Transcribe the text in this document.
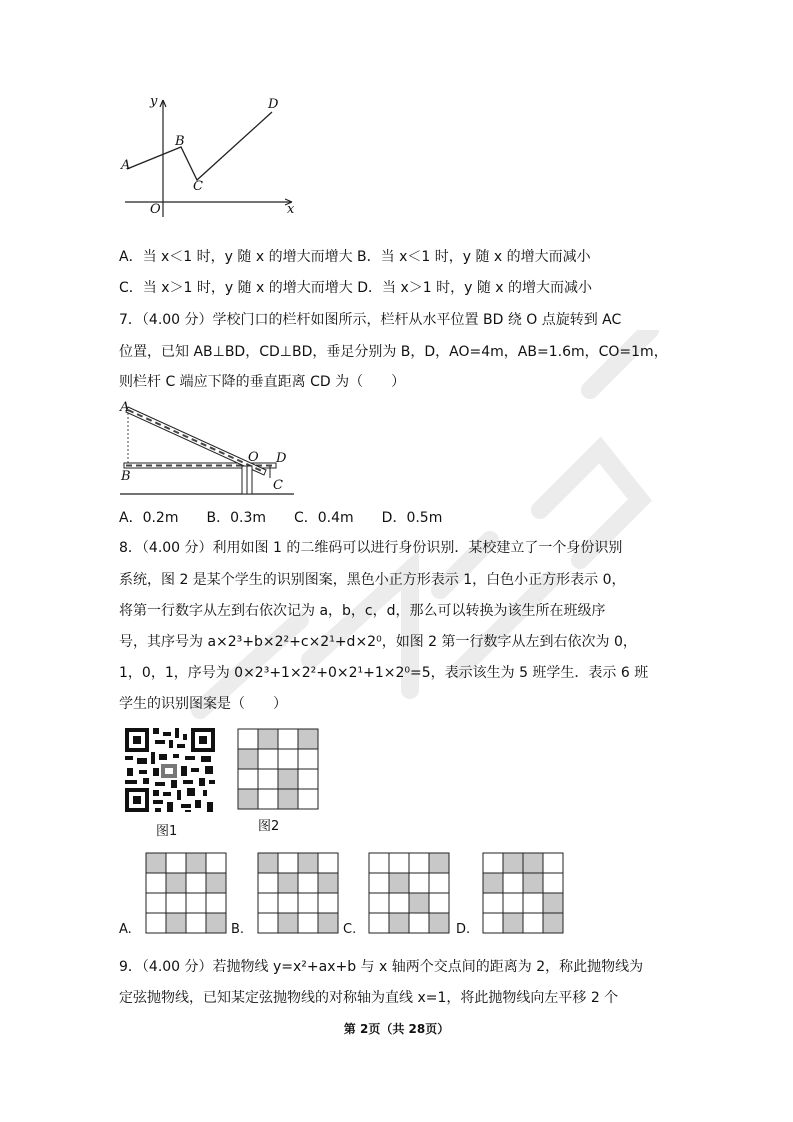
y
x
O
A
B
C
D
A．当 x＜1 时，y 随 x 的增大而增大 B．当 x＜1 时，y 随 x 的增大而减小
C．当 x＞1 时，y 随 x 的增大而增大 D．当 x＞1 时，y 随 x 的增大而减小
7．（4.00 分）学校门口的栏杆如图所示，栏杆从水平位置 BD 绕 O 点旋转到 AC
位置，已知 AB⊥BD，CD⊥BD，垂足分别为 B，D，AO=4m，AB=1.6m，CO=1m，
则栏杆 C 端应下降的垂直距离 CD 为（　　）
A
B
O D
C
A．0.2m　　B．0.3m　　C．0.4m　　D．0.5m
8．（4.00 分）利用如图 1 的二维码可以进行身份识别．某校建立了一个身份识别
系统，图 2 是某个学生的识别图案，黑色小正方形表示 1，白色小正方形表示 0，
将第一行数字从左到右依次记为 a，b，c，d，那么可以转换为该生所在班级序
号，其序号为 a×2³+b×2²+c×2¹+d×2⁰，如图 2 第一行数字从左到右依次为 0，
1，0，1，序号为 0×2³+1×2²+0×2¹+1×2⁰=5，表示该生为 5 班学生．表示 6 班
学生的识别图案是（　　）
图1	图2
A.	B.	C.	D.
9．（4.00 分）若抛物线 y=x²+ax+b 与 x 轴两个交点间的距离为 2，称此抛物线为
定弦抛物线，已知某定弦抛物线的对称轴为直线 x=1，将此抛物线向左平移 2 个
第 2页（共 28页）
